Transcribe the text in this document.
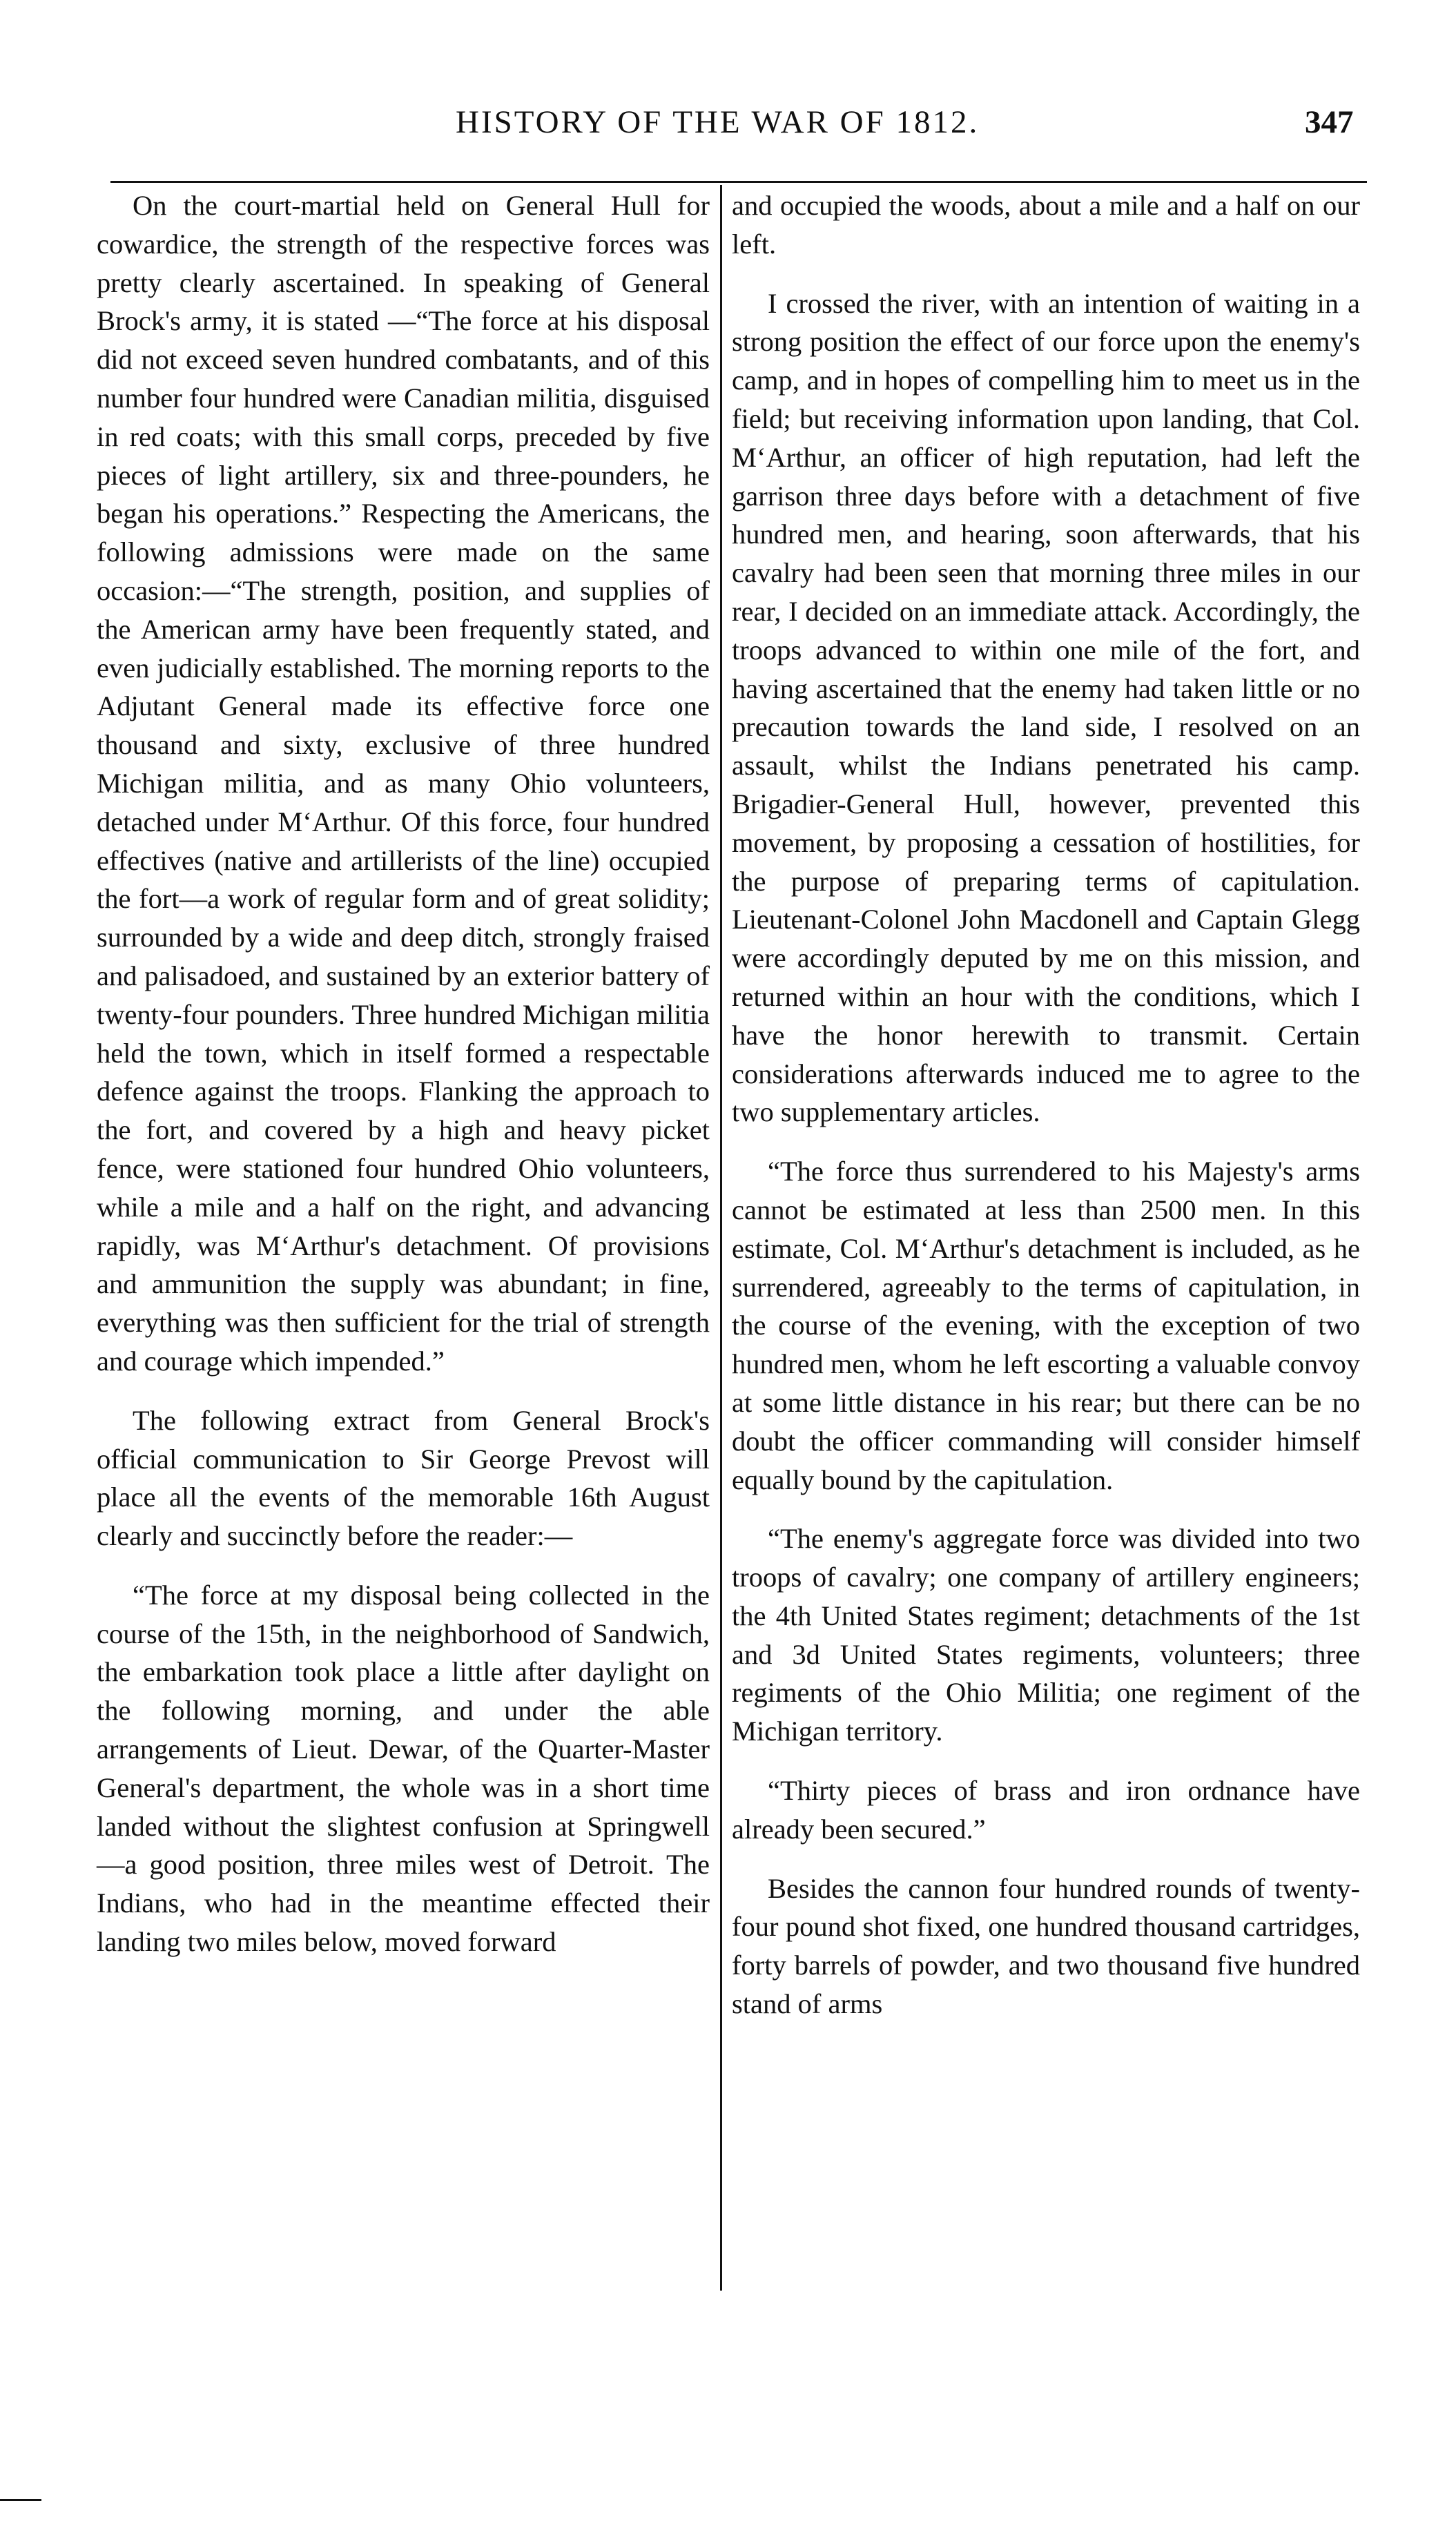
HISTORY OF THE WAR OF 1812.	347

On the court-martial held on General Hull for cowardice, the strength of the respective forces was pretty clearly ascertained. In speaking of General Brock's army, it is stated —“The force at his disposal did not exceed seven hundred combatants, and of this number four hundred were Canadian militia, disguised in red coats; with this small corps, preceded by five pieces of light artillery, six and three-pounders, he began his operations.” Respecting the Americans, the following admissions were made on the same occasion:—“The strength, position, and supplies of the American army have been frequently stated, and even judicially established. The morning reports to the Adjutant General made its effective force one thousand and sixty, exclusive of three hundred Michigan militia, and as many Ohio volunteers, detached under M‘Arthur. Of this force, four hundred effectives (native and artillerists of the line) occupied the fort—a work of regular form and of great solidity; surrounded by a wide and deep ditch, strongly fraised and palisadoed, and sustained by an exterior battery of twenty-four pounders. Three hundred Michigan militia held the town, which in itself formed a respectable defence against the troops. Flanking the approach to the fort, and covered by a high and heavy picket fence, were stationed four hundred Ohio volunteers, while a mile and a half on the right, and advancing rapidly, was M‘Arthur's detachment. Of provisions and ammunition the supply was abundant; in fine, everything was then sufficient for the trial of strength and courage which impended.”

The following extract from General Brock's official communication to Sir George Prevost will place all the events of the memorable 16th August clearly and succinctly before the reader:—

“The force at my disposal being collected in the course of the 15th, in the neighborhood of Sandwich, the embarkation took place a little after daylight on the following morning, and under the able arrangements of Lieut. Dewar, of the Quarter-Master General's department, the whole was in a short time landed without the slightest confusion at Springwell —a good position, three miles west of Detroit. The Indians, who had in the meantime effected their landing two miles below, moved forward

and occupied the woods, about a mile and a half on our left.

I crossed the river, with an intention of waiting in a strong position the effect of our force upon the enemy's camp, and in hopes of compelling him to meet us in the field; but receiving information upon landing, that Col. M‘Arthur, an officer of high reputation, had left the garrison three days before with a detachment of five hundred men, and hearing, soon afterwards, that his cavalry had been seen that morning three miles in our rear, I decided on an immediate attack. Accordingly, the troops advanced to within one mile of the fort, and having ascertained that the enemy had taken little or no precaution towards the land side, I resolved on an assault, whilst the Indians penetrated his camp. Brigadier-General Hull, however, prevented this movement, by proposing a cessation of hostilities, for the purpose of preparing terms of capitulation. Lieutenant-Colonel John Macdonell and Captain Glegg were accordingly deputed by me on this mission, and returned within an hour with the conditions, which I have the honor herewith to transmit. Certain considerations afterwards induced me to agree to the two supplementary articles.

“The force thus surrendered to his Majesty's arms cannot be estimated at less than 2500 men. In this estimate, Col. M‘Arthur's detachment is included, as he surrendered, agreeably to the terms of capitulation, in the course of the evening, with the exception of two hundred men, whom he left escorting a valuable convoy at some little distance in his rear; but there can be no doubt the officer commanding will consider himself equally bound by the capitulation.

“The enemy's aggregate force was divided into two troops of cavalry; one company of artillery engineers; the 4th United States regiment; detachments of the 1st and 3d United States regiments, volunteers; three regiments of the Ohio Militia; one regiment of the Michigan territory.

“Thirty pieces of brass and iron ordnance have already been secured.”

Besides the cannon four hundred rounds of twenty-four pound shot fixed, one hundred thousand cartridges, forty barrels of powder, and two thousand five hundred stand of arms
